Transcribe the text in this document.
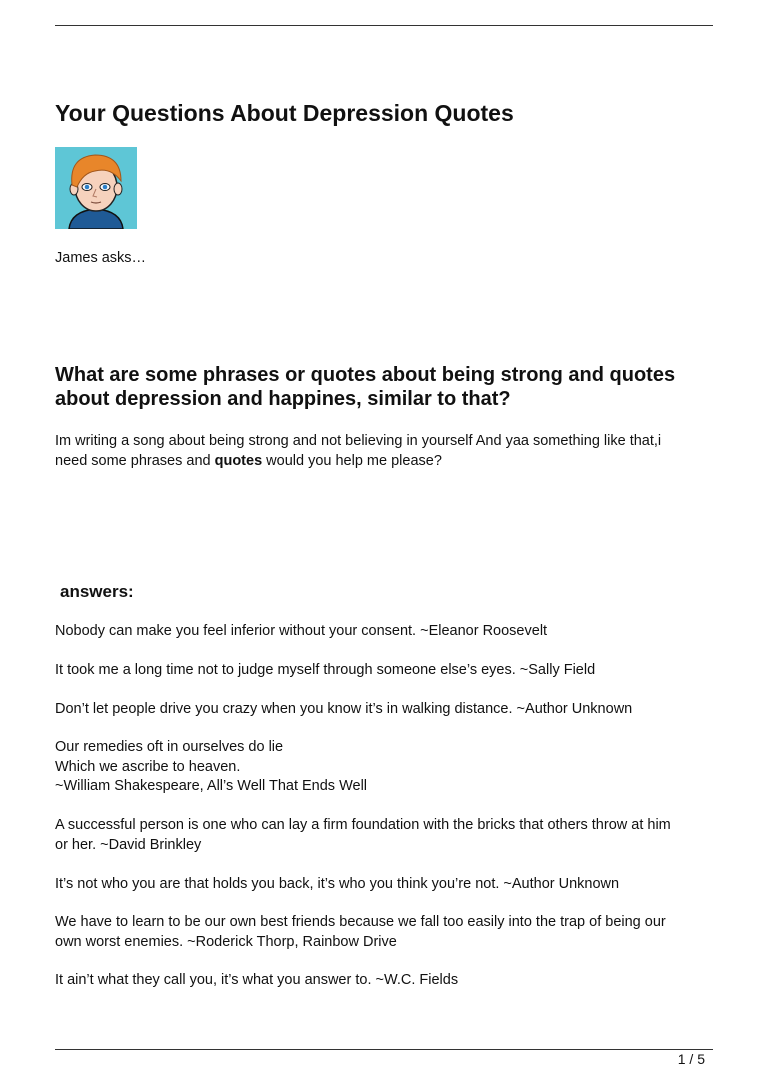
Your Questions About Depression Quotes
James asks…
What are some phrases or quotes about being strong and quotes
about depression and happines, similar to that?
Im writing a song about being strong and not believing in yourself And yaa something like that,i
need some phrases and quotes would you help me please?
answers:
Nobody can make you feel inferior without your consent. ~Eleanor Roosevelt
It took me a long time not to judge myself through someone else’s eyes. ~Sally Field
Don’t let people drive you crazy when you know it’s in walking distance. ~Author Unknown
Our remedies oft in ourselves do lie
Which we ascribe to heaven.
~William Shakespeare, All’s Well That Ends Well
A successful person is one who can lay a firm foundation with the bricks that others throw at him
or her. ~David Brinkley
It’s not who you are that holds you back, it’s who you think you’re not. ~Author Unknown
We have to learn to be our own best friends because we fall too easily into the trap of being our
own worst enemies. ~Roderick Thorp, Rainbow Drive
It ain’t what they call you, it’s what you answer to. ~W.C. Fields
1 / 5
